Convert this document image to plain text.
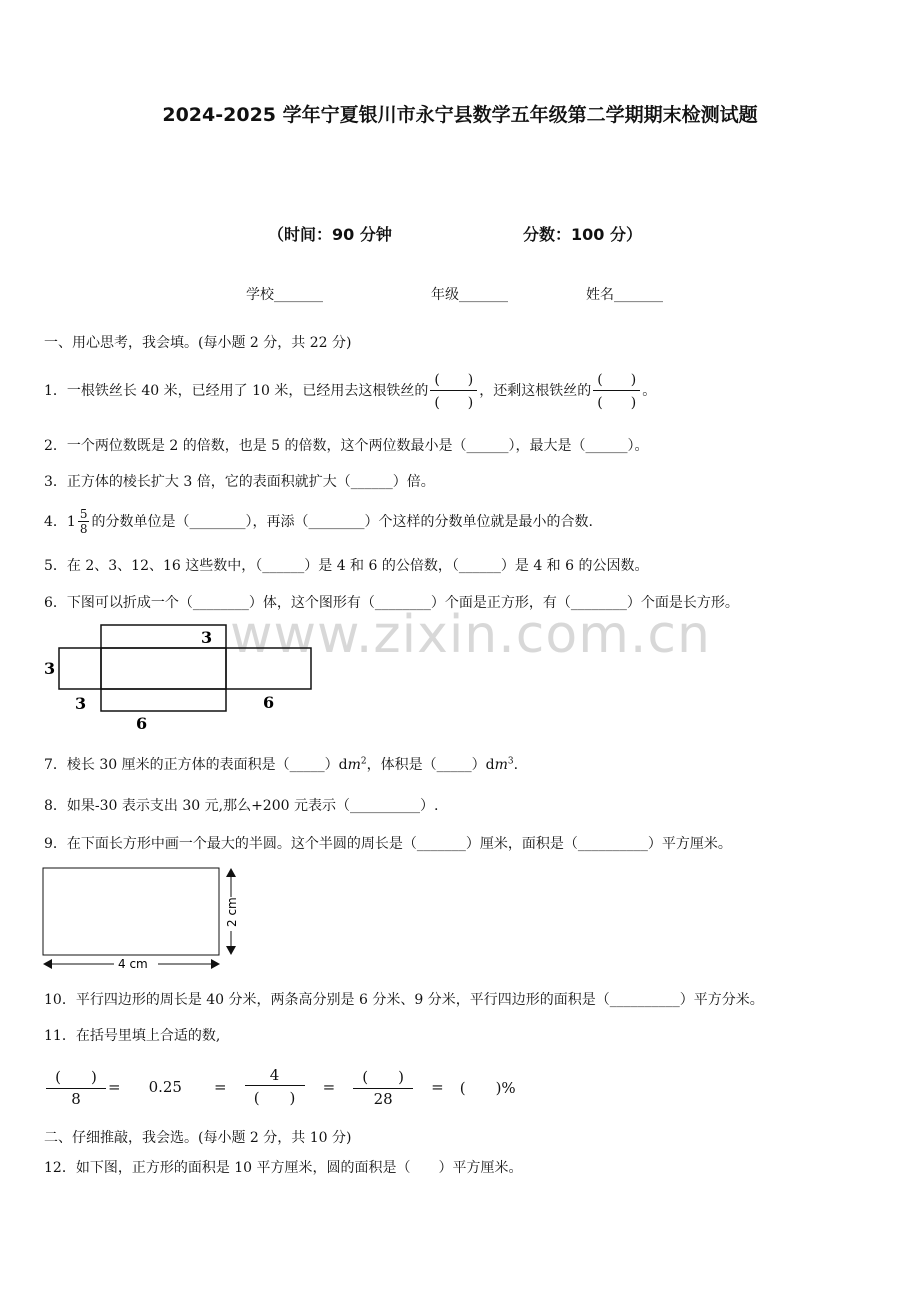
2024-2025 学年宁夏银川市永宁县数学五年级第二学期期末检测试题
（时间：90 分钟	分数：100 分）
学校_______	年级_______	姓名_______
一、用心思考，我会填。(每小题 2 分，共 22 分)
1．一根铁丝长 40 米，已经用了 10 米，已经用去这根铁丝的
(　　)
(　　)
，还剩这根铁丝的
(　　)
(　　)
。
2．一个两位数既是 2 的倍数，也是 5 的倍数，这个两位数最小是（______），最大是（______）。
3．正方体的棱长扩大 3 倍，它的表面积就扩大（______）倍。
4．$1 \frac{5}{8}$ 的分数单位是（________），再添（________）个这样的分数单位就是最小的合数.
5．在 2、3、12、16 这些数中，（______）是 4 和 6 的公倍数，（______）是 4 和 6 的公因数。
6．下图可以折成一个（________）体，这个图形有（________）个面是正方形，有（________）个面是长方形。
www.zixin.com.cn
3
3
3
6
6
7．棱长 30 厘米的正方体的表面积是$(\_\_\_\_\_)dm^2$，体积是$(\_\_\_\_\_)dm^3$.
8．如果-30 表示支出 30 元,那么+200 元表示（__________）.
9．在下面长方形中画一个最大的半圆。这个半圆的周长是（_______）厘米，面积是（__________）平方厘米。
2 cm
4 cm
10．平行四边形的周长是 40 分米，两条高分别是 6 分米、9 分米，平行四边形的面积是（__________）平方分米。
11．在括号里填上合适的数,
(　　)
8
= 0.25 =
4
(　　)
=
(　　)
28
= (　　)%
二、仔细推敲，我会选。(每小题 2 分，共 10 分)
12．如下图，正方形的面积是 10 平方厘米，圆的面积是（　　）平方厘米。
